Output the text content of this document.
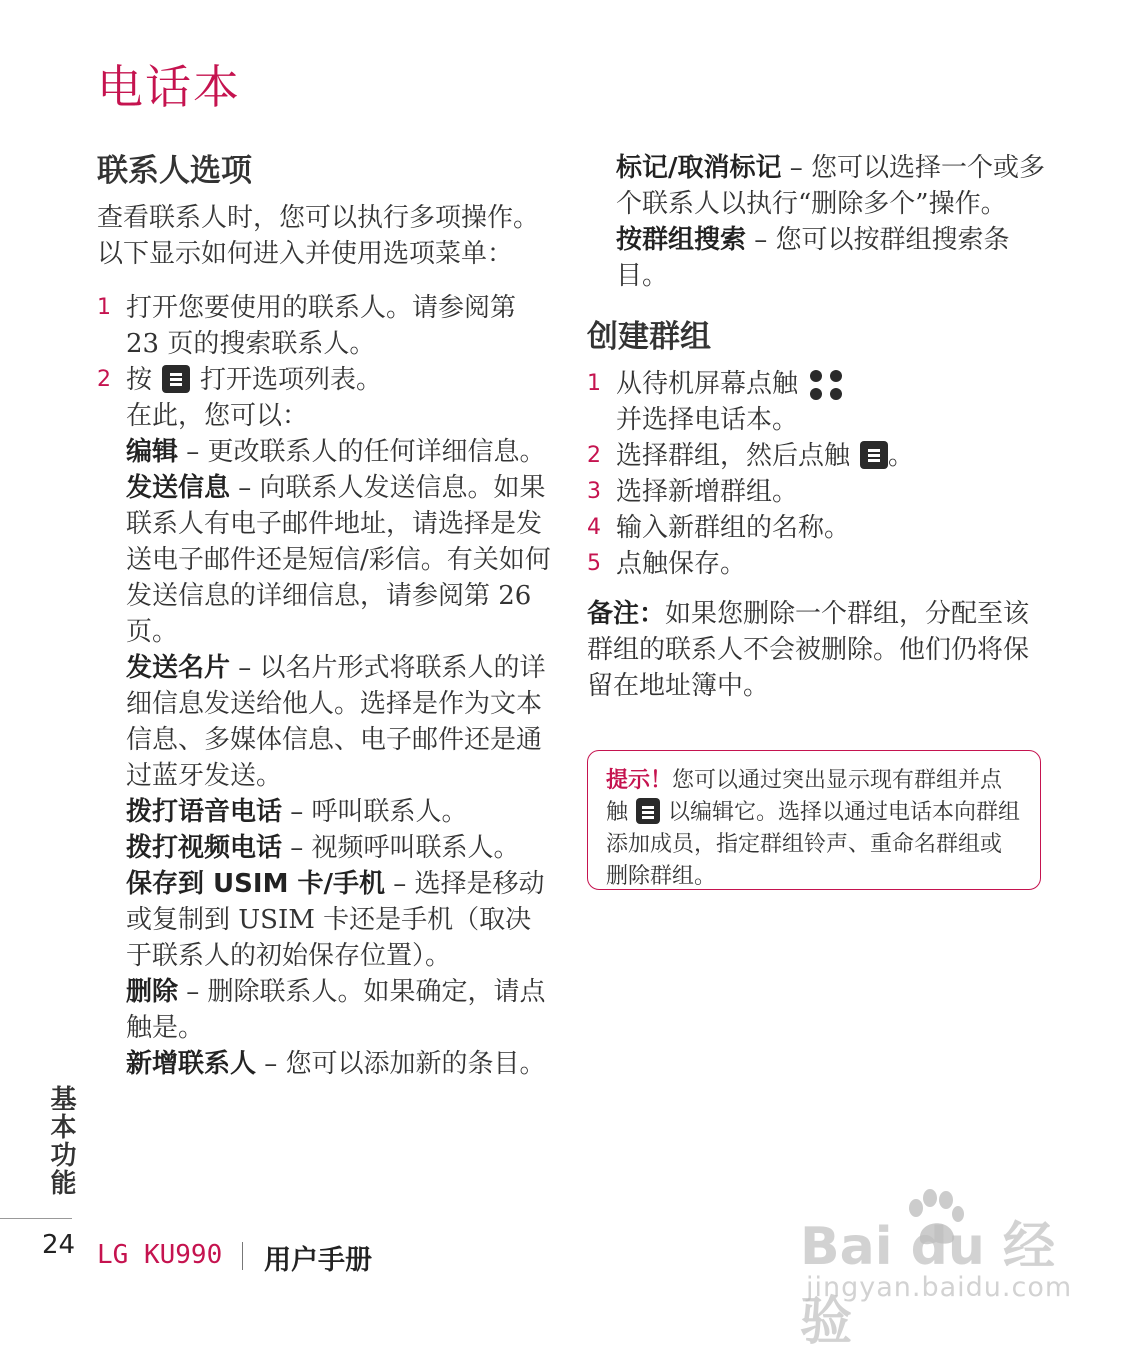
电话本
联系人选项

查看联系人时，您可以执行多项操作。以下显示如何进入并使用选项菜单：

1 打开您要使用的联系人。请参阅第 23 页的搜索联系人。
2 按 打开选项列表。

在此，您可以：

编辑 – 更改联系人的任何详细信息。

发送信息 – 向联系人发送信息。如果联系人有电子邮件地址，请选择是发送电子邮件还是短信/彩信。有关如何发送信息的详细信息，请参阅第 26 页。

发送名片 – 以名片形式将联系人的详细信息发送给他人。选择是作为文本信息、多媒体信息、电子邮件还是通过蓝牙发送。

拨打语音电话 – 呼叫联系人。

拨打视频电话 – 视频呼叫联系人。

保存到 USIM 卡/手机 – 选择是移动或复制到 USIM 卡还是手机（取决于联系人的初始保存位置）。

删除 – 删除联系人。如果确定，请点触是。

新增联系人 – 您可以添加新的条目。

标记/取消标记 – 您可以选择一个或多个联系人以执行“删除多个”操作。

按群组搜索 – 您可以按群组搜索条目。

创建群组
1 从待机屏幕点触

并选择电话本。

2 选择群组，然后点触 。
3 选择新增群组。
4 输入新群组的名称。
5 点触保存。

备注：如果您删除一个群组，分配至该群组的联系人不会被删除。他们仍将保留在地址簿中。

提示！您可以通过突出显示现有群组并点触 以编辑它。选择以通过电话本向群组添加成员，指定群组铃声、重命名群组或删除群组。
基本功能
24 LG KU990 用户手册	Bai du 经验
jingyan.baidu.com
